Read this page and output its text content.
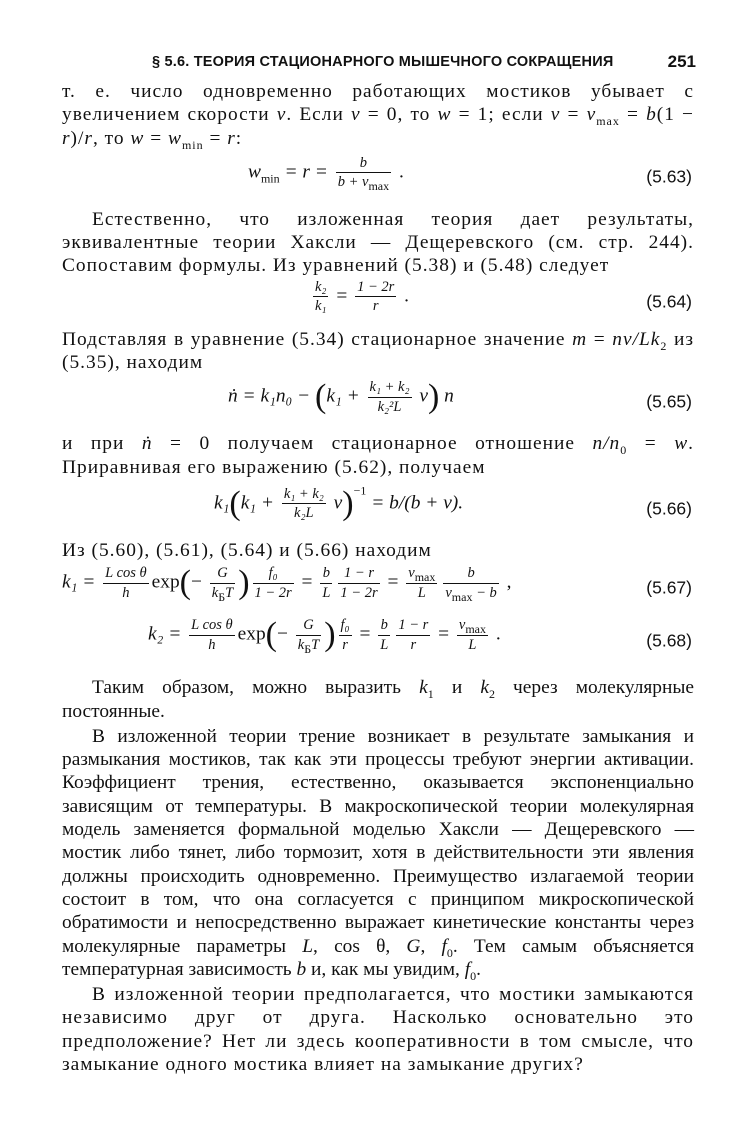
§ 5.6. ТЕОРИЯ СТАЦИОНАРНОГО МЫШЕЧНОГО СОКРАЩЕНИЯ	251

т. е. число одновременно работающих мостиков убывает с увеличением скорости v. Если v = 0, то w = 1; если $v = v_{max} = b(1 - r)/r$, то $w = w_{min} = r$:

$w_{min} = r = \frac{b}{b + v_{max}}$ .	(5.63)

Естественно, что изложенная теория дает результаты, эквивалентные теории Хаксли — Дещеревского (см. стр. 244). Сопоставим формулы. Из уравнений (5.38) и (5.48) следует

$\frac{\text{k₂}}{\text{k₁}} = \frac{1 - 2r}{r}$ .	(5.64)

Подставляя в уравнение (5.34) стационарное значение $m = nv/Lk_2$ из (5.35), находим

ṅ = $k_1n_0 - (k_1 + \frac{\text{k₁ + k₂}}{\text{k₂²L}} v)$ n	(5.65)

и при ṅ = 0 получаем стационарное отношение $n/n_0 = w$. Приравнивая его выражению (5.62), получаем

$k_1(k_1 + \frac{\text{k₁ + k₂}}{\text{k₂L}} v)^{-1} = b/(b + v)$.	(5.66)

Из (5.60), (5.61), (5.64) и (5.66) находим

$k_1 = \frac{\text{L cos θ}}{h} \exp(- \frac{G}{k_БT}$ ) $\frac{\text{f₀}}{1 - 2r} = \frac{b}{L} \frac{1 - r}{1 - 2r} = \frac{v_{max}}{L} \frac{b}{v_{max} - b}$ ,	(5.67)
$k_2 = \frac{\text{L cos θ}}{h} \exp(- \frac{G}{k_БT}$ ) $\frac{\text{f₀}}{r} = \frac{b}{L} \frac{1 - r}{r} = \frac{v_{max}}{L}$ .	(5.68)

Таким образом, можно выразить $k_1$ и $k_2$ через молекулярные постоянные.

В изложенной теории трение возникает в результате замыкания и размыкания мостиков, так как эти процессы требуют энергии активации. Коэффициент трения, естественно, оказывается экспоненциально зависящим от температуры. В макроскопической теории молекулярная модель заменяется формальной моделью Хаксли — Дещеревского — мостик либо тянет, либо тормозит, хотя в действительности эти явления должны происходить одновременно. Преимущество излагаемой теории состоит в том, что она согласуется с принципом микроскопической обратимости и непосредственно выражает кинетические константы через молекулярные параметры L, cos θ, G, $f_0$. Тем самым объясняется температурная зависимость b и, как мы увидим, $f_0$.

В изложенной теории предполагается, что мостики замыкаются независимо друг от друга. Насколько основательно это предположение? Нет ли здесь кооперативности в том смысле, что замыкание одного мостика влияет на замыкание других?
